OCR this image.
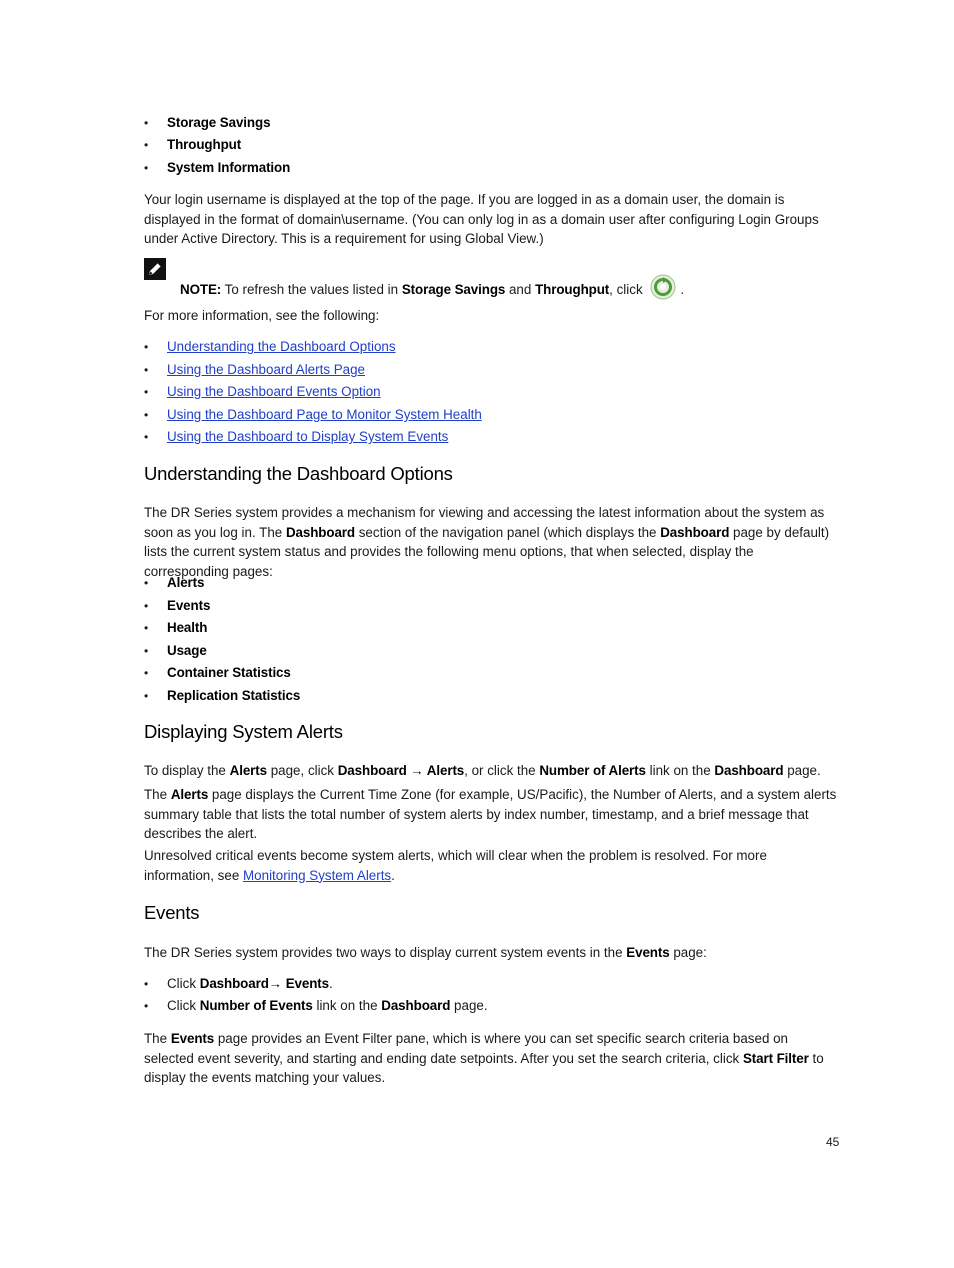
• Storage Savings
• Throughput
• System Information

Your login username is displayed at the top of the page. If you are logged in as a domain user, the domain is displayed in the format of domain\username. (You can only log in as a domain user after configuring Login Groups under Active Directory. This is a requirement for using Global View.)

NOTE: To refresh the values listed in Storage Savings and Throughput, click	.

For more information, see the following:

• Understanding the Dashboard Options
• Using the Dashboard Alerts Page
• Using the Dashboard Events Option
• Using the Dashboard Page to Monitor System Health
• Using the Dashboard to Display System Events
Understanding the Dashboard Options

The DR Series system provides a mechanism for viewing and accessing the latest information about the system as soon as you log in. The Dashboard section of the navigation panel (which displays the Dashboard page by default) lists the current system status and provides the following menu options, that when selected, display the corresponding pages:

• Alerts
• Events
• Health
• Usage
• Container Statistics
• Replication Statistics
Displaying System Alerts

To display the Alerts page, click Dashboard → Alerts, or click the Number of Alerts link on the Dashboard page.

The Alerts page displays the Current Time Zone (for example, US/Pacific), the Number of Alerts, and a system alerts summary table that lists the total number of system alerts by index number, timestamp, and a brief message that describes the alert.

Unresolved critical events become system alerts, which will clear when the problem is resolved. For more information, see Monitoring System Alerts.

Events

The DR Series system provides two ways to display current system events in the Events page:

• Click Dashboard→ Events.
• Click Number of Events link on the Dashboard page.

The Events page provides an Event Filter pane, which is where you can set specific search criteria based on selected event severity, and starting and ending date setpoints. After you set the search criteria, click Start Filter to display the events matching your values.

45
